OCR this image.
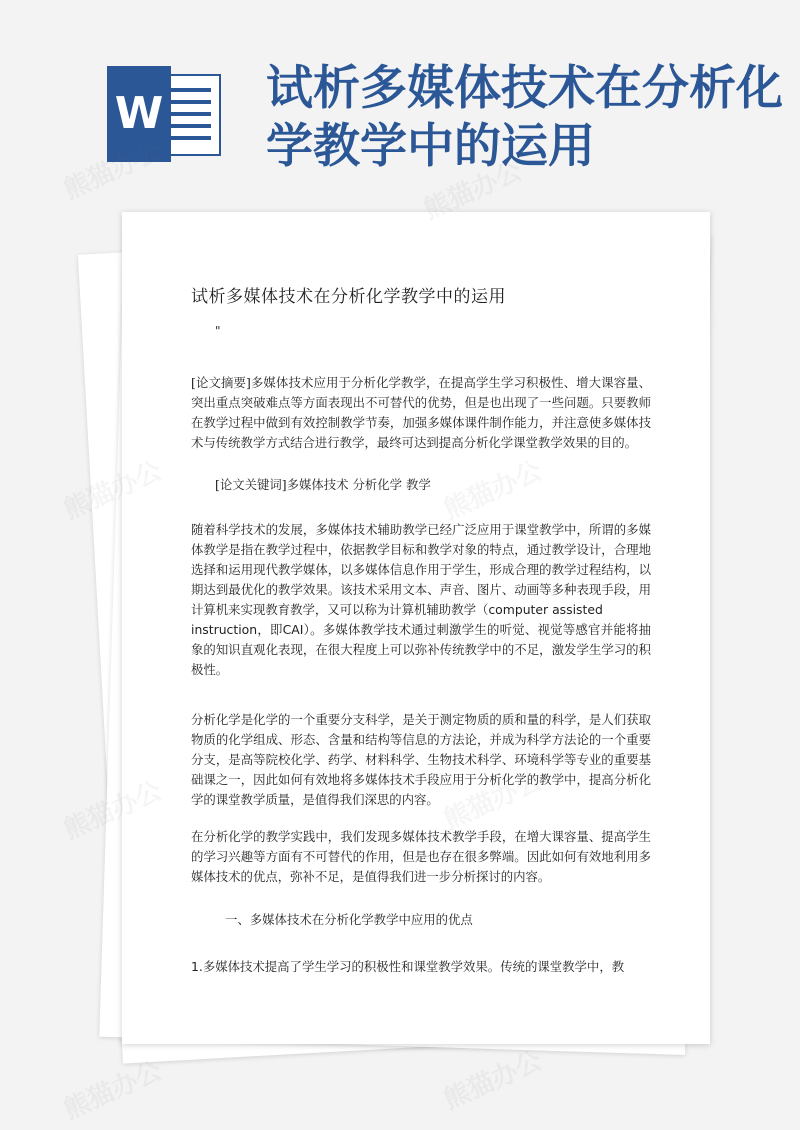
W 试析多媒体技术在分析化学教学中的运用

试析多媒体技术在分析化学教学中的运用

"

[论文摘要]多媒体技术应用于分析化学教学，在提高学生学习积极性、增大课容量、突出重点突破难点等方面表现出不可替代的优势，但是也出现了一些问题。只要教师在教学过程中做到有效控制教学节奏，加强多媒体课件制作能力，并注意使多媒体技术与传统教学方式结合进行教学，最终可达到提高分析化学课堂教学效果的目的。

[论文关键词]多媒体技术 分析化学 教学

随着科学技术的发展，多媒体技术辅助教学已经广泛应用于课堂教学中，所谓的多媒体教学是指在教学过程中，依据教学目标和教学对象的特点，通过教学设计，合理地选择和运用现代教学媒体，以多媒体信息作用于学生，形成合理的教学过程结构，以期达到最优化的教学效果。该技术采用文本、声音、图片、动画等多种表现手段，用计算机来实现教育教学，又可以称为计算机辅助教学（computer assisted
instruction，即CAI）。多媒体教学技术通过刺激学生的听觉、视觉等感官并能将抽象的知识直观化表现，在很大程度上可以弥补传统教学中的不足，激发学生学习的积极性。

分析化学是化学的一个重要分支科学，是关于测定物质的质和量的科学，是人们获取物质的化学组成、形态、含量和结构等信息的方法论，并成为科学方法论的一个重要分支，是高等院校化学、药学、材料科学、生物技术科学、环境科学等专业的重要基础课之一，因此如何有效地将多媒体技术手段应用于分析化学的教学中，提高分析化学的课堂教学质量，是值得我们深思的内容。

在分析化学的教学实践中，我们发现多媒体技术教学手段，在增大课容量、提高学生的学习兴趣等方面有不可替代的作用，但是也存在很多弊端。因此如何有效地利用多媒体技术的优点，弥补不足，是值得我们进一步分析探讨的内容。

一、多媒体技术在分析化学教学中应用的优点

1.多媒体技术提高了学生学习的积极性和课堂教学效果。传统的课堂教学中，教

熊猫办公	熊猫办公
熊猫办公	熊猫办公
